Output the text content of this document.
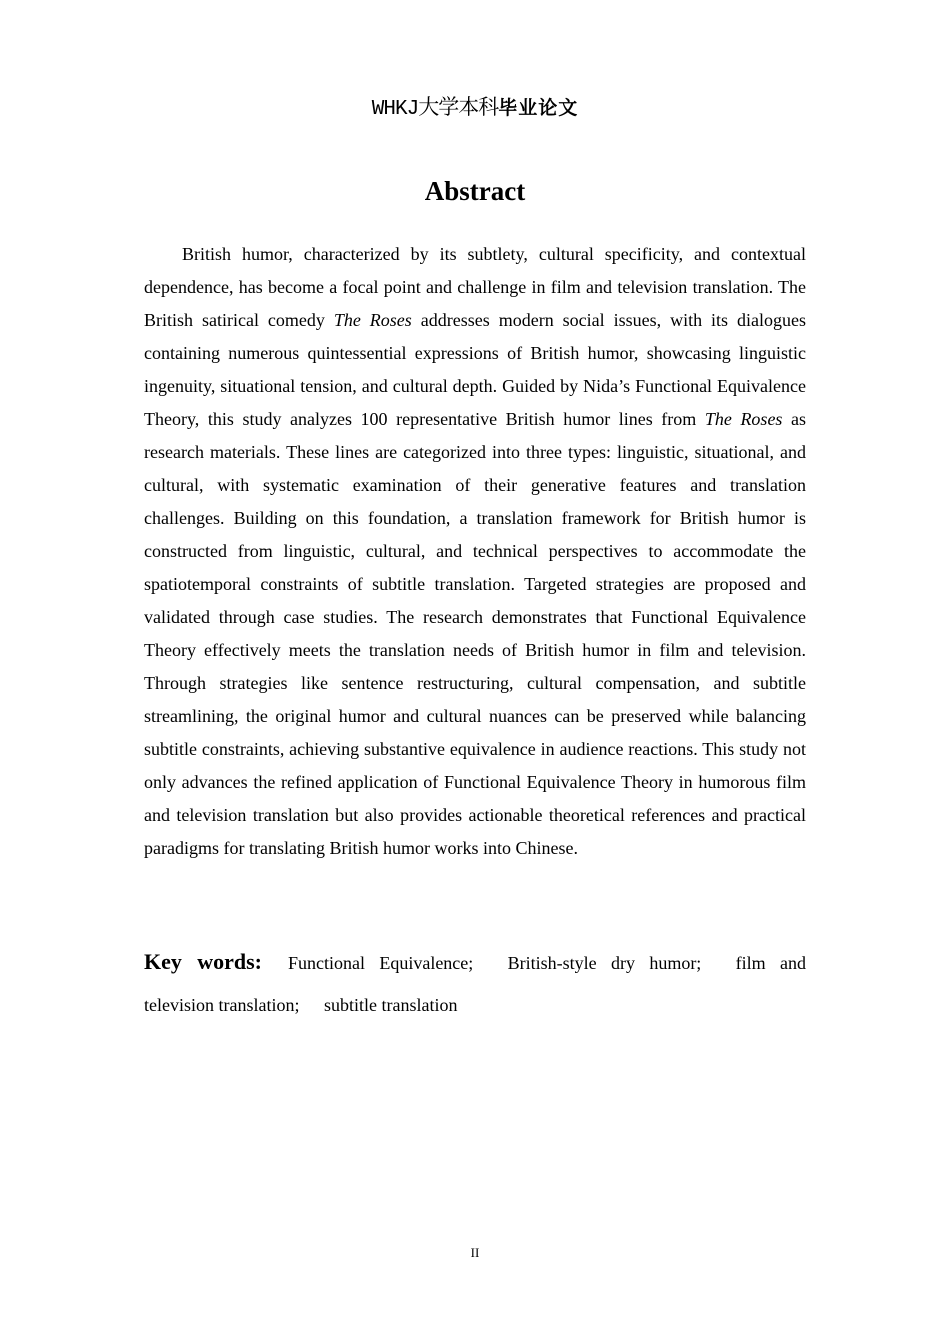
WHKJ大学本科毕业论文
Abstract
British humor, characterized by its subtlety, cultural specificity, and contextual dependence, has become a focal point and challenge in film and television translation. The British satirical comedy The Roses addresses modern social issues, with its dialogues containing numerous quintessential expressions of British humor, showcasing linguistic ingenuity, situational tension, and cultural depth. Guided by Nida’s Functional Equivalence Theory, this study analyzes 100 representative British humor lines from The Roses as research materials. These lines are categorized into three types: linguistic, situational, and cultural, with systematic examination of their generative features and translation challenges. Building on this foundation, a translation framework for British humor is constructed from linguistic, cultural, and technical perspectives to accommodate the spatiotemporal constraints of subtitle translation. Targeted strategies are proposed and validated through case studies. The research demonstrates that Functional Equivalence Theory effectively meets the translation needs of British humor in film and television. Through strategies like sentence restructuring, cultural compensation, and subtitle streamlining, the original humor and cultural nuances can be preserved while balancing subtitle constraints, achieving substantive equivalence in audience reactions. This study not only advances the refined application of Functional Equivalence Theory in humorous film and television translation but also provides actionable theoretical references and practical paradigms for translating British humor works into Chinese.
Key words: Functional Equivalence; British-style dry humor; film and television translation; subtitle translation
II
